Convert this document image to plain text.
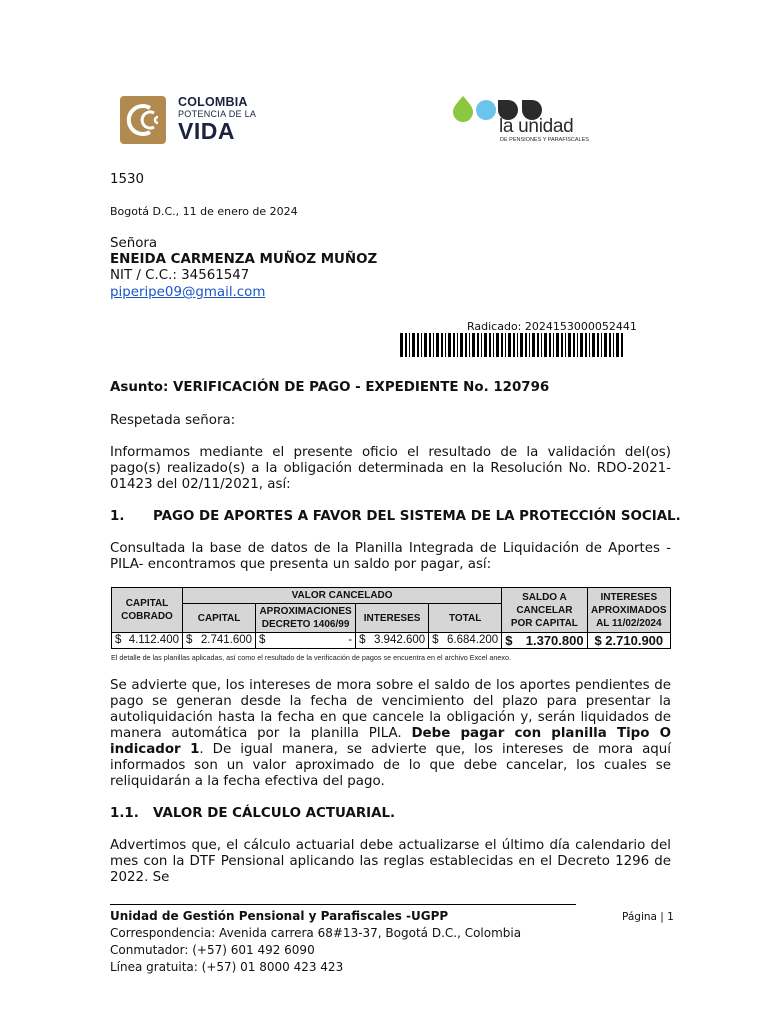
COLOMBIA
POTENCIA DE LA
VIDA	la unidad
DE PENSIONES Y PARAFISCALES
1530
Bogotá D.C., 11 de enero de 2024
Señora
ENEIDA CARMENZA MUÑOZ MUÑOZ
NIT / C.C.: 34561547
piperipe09@gmail.com
Radicado: 2024153000052441
Asunto: VERIFICACIÓN DE PAGO - EXPEDIENTE No. 120796
Respetada señora:
Informamos mediante el presente oficio el resultado de la validación del(os) pago(s) realizado(s) a la obligación determinada en la Resolución No. RDO-2021-01423 del 02/11/2021, así:
1. PAGO DE APORTES A FAVOR DEL SISTEMA DE LA PROTECCIÓN SOCIAL.
Consultada la base de datos de la Planilla Integrada de Liquidación de Aportes -PILA- encontramos que presenta un saldo por pagar, así:
CAPITAL COBRADO	VALOR CANCELADO				SALDO A CANCELAR POR CAPITAL	INTERESES APROXIMADOS AL 11/02/2024
	CAPITAL	APROXIMACIONES DECRETO 1406/99	INTERESES	TOTAL		

$ 4.112.400	$ 2.741.600	$ -	$ 3.942.600	$ 6.684.200	$ 1.370.800	$ 2.710.900
El detalle de las planillas aplicadas, así como el resultado de la verificación de pagos se encuentra en el archivo Excel anexo.
Se advierte que, los intereses de mora sobre el saldo de los aportes pendientes de pago se generan desde la fecha de vencimiento del plazo para presentar la autoliquidación hasta la fecha en que cancele la obligación y, serán liquidados de manera automática por la planilla PILA. Debe pagar con planilla Tipo O indicador 1. De igual manera, se advierte que, los intereses de mora aquí informados son un valor aproximado de lo que debe cancelar, los cuales se reliquidarán a la fecha efectiva del pago.
1.1. VALOR DE CÁLCULO ACTUARIAL.
Advertimos que, el cálculo actuarial debe actualizarse el último día calendario del mes con la DTF Pensional aplicando las reglas establecidas en el Decreto 1296 de 2022. Se
Unidad de Gestión Pensional y Parafiscales -UGPP
Correspondencia: Avenida carrera 68#13-37, Bogotá D.C., Colombia
Conmutador: (+57) 601 492 6090
Línea gratuita: (+57) 01 8000 423 423
Página | 1
